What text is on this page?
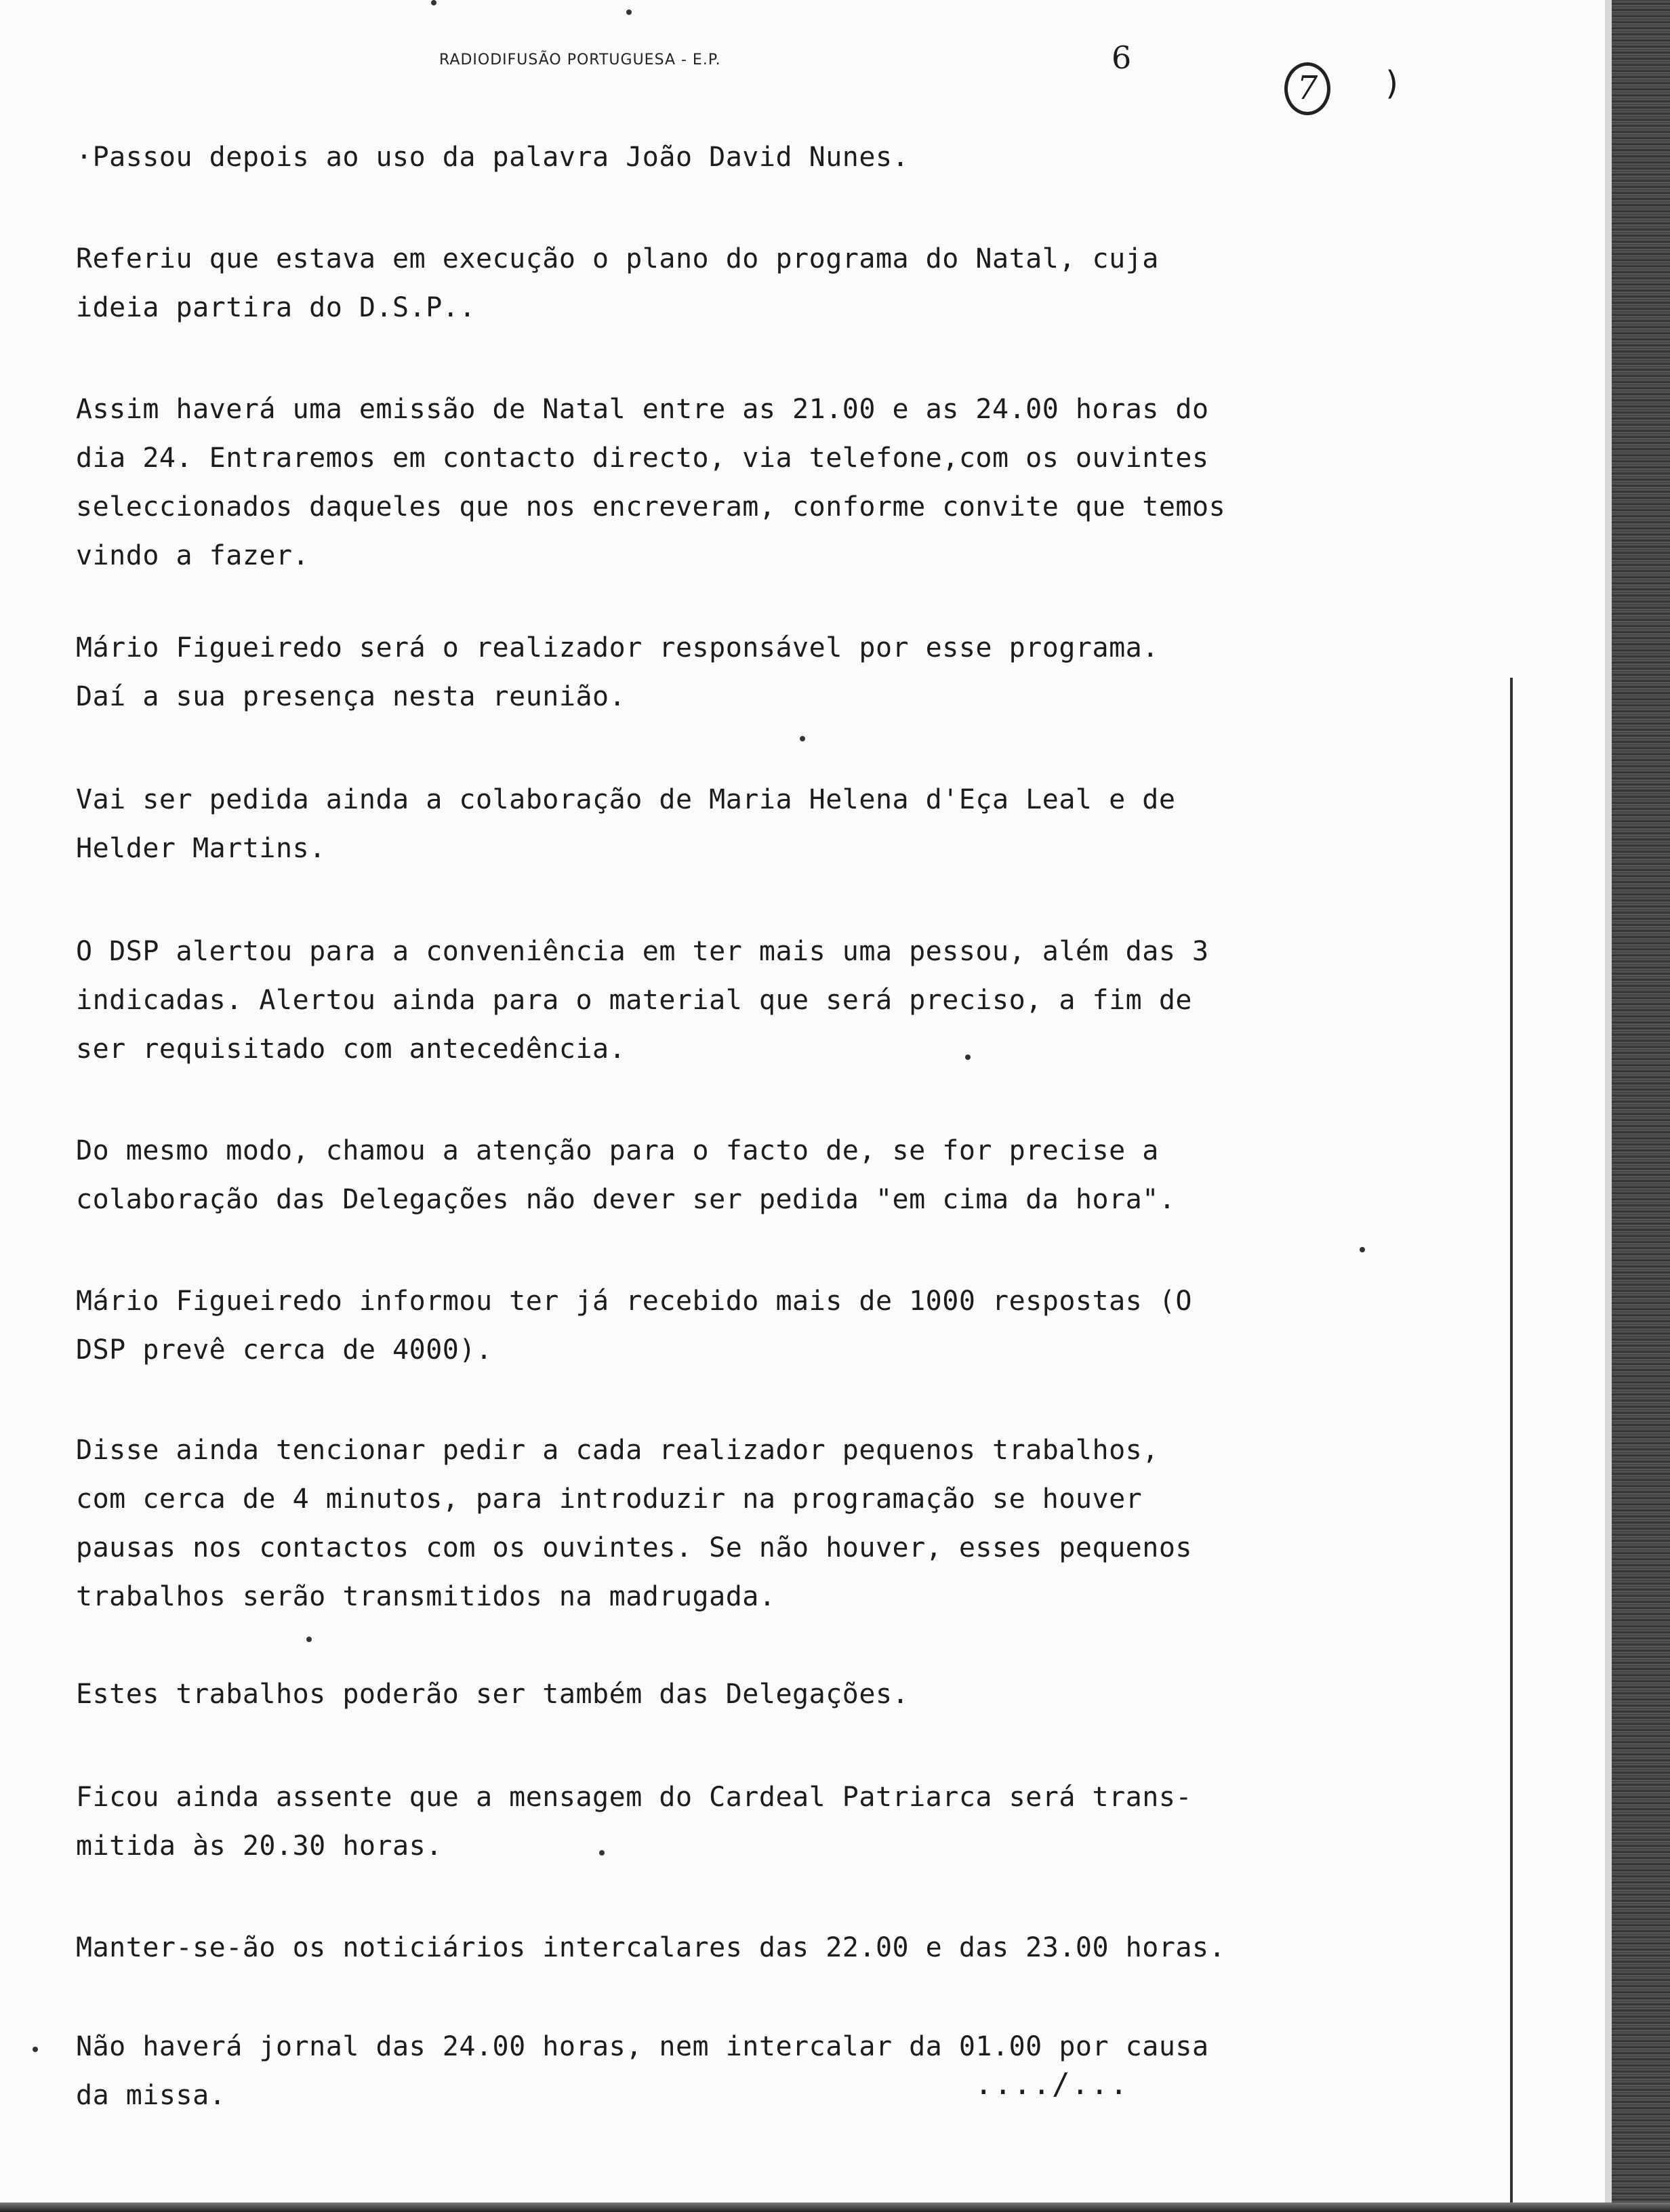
RADIODIFUSÃO PORTUGUESA - E.P.	6
7	)
·Passou depois ao uso da palavra João David Nunes.
Referiu que estava em execução o plano do programa do Natal, cuja
ideia partira do D.S.P..
Assim haverá uma emissão de Natal entre as 21.00 e as 24.00 horas do
dia 24. Entraremos em contacto directo, via telefone,com os ouvintes
seleccionados daqueles que nos encreveram, conforme convite que temos
vindo a fazer.
Mário Figueiredo será o realizador responsável por esse programa.
Daí a sua presença nesta reunião.
Vai ser pedida ainda a colaboração de Maria Helena d'Eça Leal e de
Helder Martins.
O DSP alertou para a conveniência em ter mais uma pessou, além das 3
indicadas. Alertou ainda para o material que será preciso, a fim de
ser requisitado com antecedência.
Do mesmo modo, chamou a atenção para o facto de, se for precise a
colaboração das Delegações não dever ser pedida "em cima da hora".
Mário Figueiredo informou ter já recebido mais de 1000 respostas (O
DSP prevê cerca de 4000).
Disse ainda tencionar pedir a cada realizador pequenos trabalhos,
com cerca de 4 minutos, para introduzir na programação se houver
pausas nos contactos com os ouvintes. Se não houver, esses pequenos
trabalhos serão transmitidos na madrugada.
Estes trabalhos poderão ser também das Delegações.
Ficou ainda assente que a mensagem do Cardeal Patriarca será trans-
mitida às 20.30 horas.
Manter-se-ão os noticiários intercalares das 22.00 e das 23.00 horas.
Não haverá jornal das 24.00 horas, nem intercalar da 01.00 por causa
da missa.	..../...
